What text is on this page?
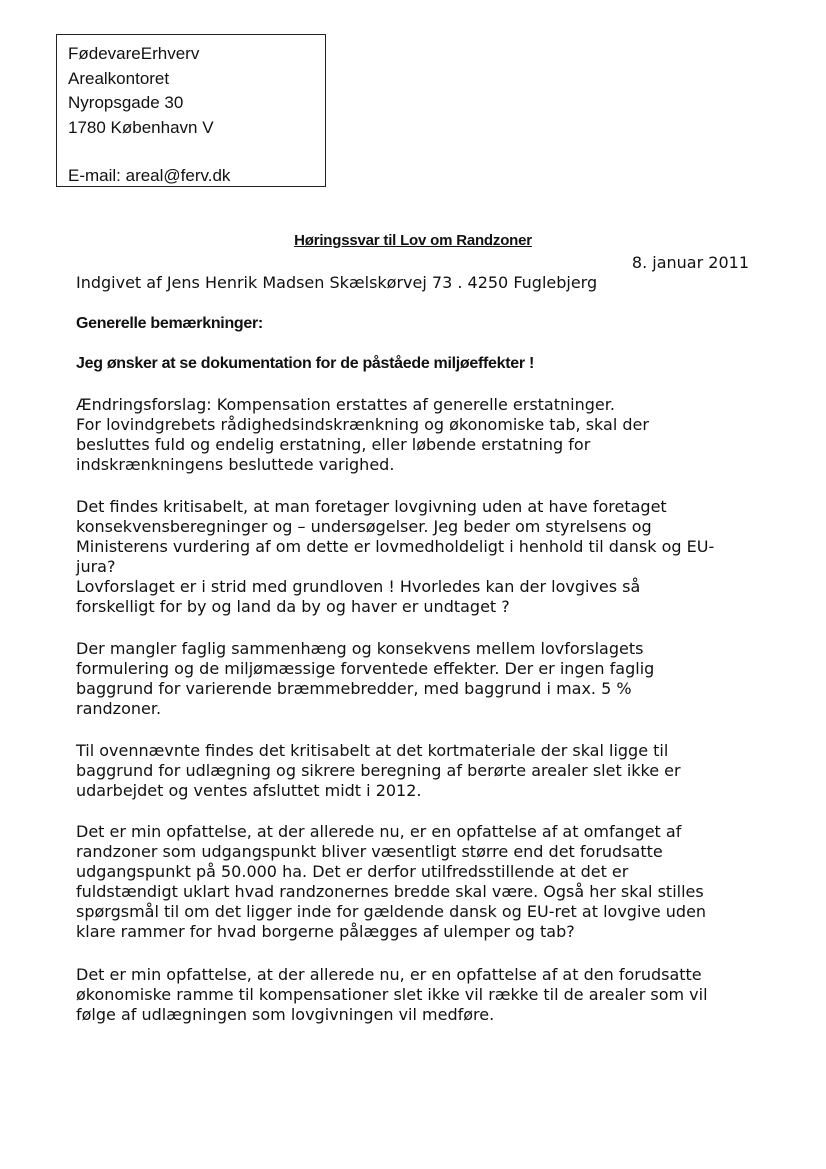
FødevareErhverv
Arealkontoret
Nyropsgade 30
1780 København V
E-mail: areal@ferv.dk
Høringssvar til Lov om Randzoner
8. januar 2011
Indgivet af Jens Henrik Madsen Skælskørvej 73 . 4250 Fuglebjerg
Generelle bemærkninger:
Jeg ønsker at se dokumentation for de påståede miljøeffekter !
Ændringsforslag: Kompensation erstattes af generelle erstatninger.
For lovindgrebets rådighedsindskrænkning og økonomiske tab, skal der
besluttes fuld og endelig erstatning, eller løbende erstatning for
indskrænkningens besluttede varighed.
Det findes kritisabelt, at man foretager lovgivning uden at have foretaget
konsekvensberegninger og – undersøgelser. Jeg beder om styrelsens og
Ministerens vurdering af om dette er lovmedholdeligt i henhold til dansk og EU-
jura?
Lovforslaget er i strid med grundloven ! Hvorledes kan der lovgives så
forskelligt for by og land da by og haver er undtaget ?
Der mangler faglig sammenhæng og konsekvens mellem lovforslagets
formulering og de miljømæssige forventede effekter. Der er ingen faglig
baggrund for varierende bræmmebredder, med baggrund i max. 5 %
randzoner.
Til ovennævnte findes det kritisabelt at det kortmateriale der skal ligge til
baggrund for udlægning og sikrere beregning af berørte arealer slet ikke er
udarbejdet og ventes afsluttet midt i 2012.
Det er min opfattelse, at der allerede nu, er en opfattelse af at omfanget af
randzoner som udgangspunkt bliver væsentligt større end det forudsatte
udgangspunkt på 50.000 ha. Det er derfor utilfredsstillende at det er
fuldstændigt uklart hvad randzonernes bredde skal være. Også her skal stilles
spørgsmål til om det ligger inde for gældende dansk og EU-ret at lovgive uden
klare rammer for hvad borgerne pålægges af ulemper og tab?
Det er min opfattelse, at der allerede nu, er en opfattelse af at den forudsatte
økonomiske ramme til kompensationer slet ikke vil række til de arealer som vil
følge af udlægningen som lovgivningen vil medføre.
